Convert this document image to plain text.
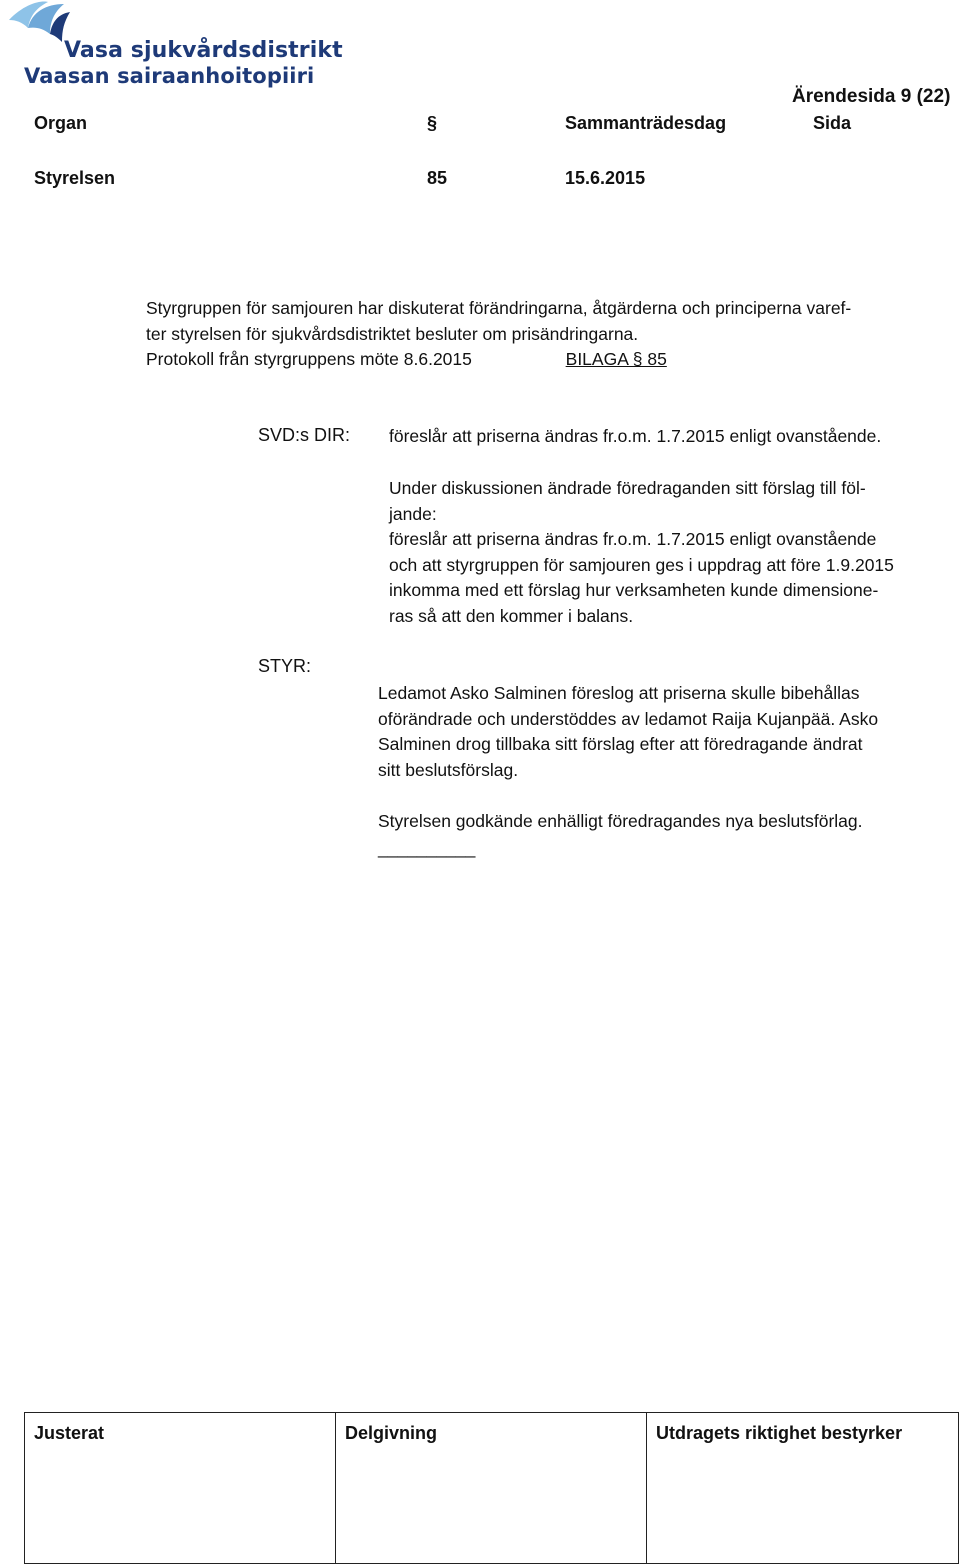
Vasa sjukvårdsdistrikt
Vaasan sairaanhoitopiiri
Ärendesida 9 (22)
Organ	§	Sammanträdesdag	Sida
Styrelsen	85	15.6.2015
Styrgruppen för samjouren har diskuterat förändringarna, åtgärderna och principerna varef-
ter styrelsen för sjukvårdsdistriktet besluter om prisändringarna.
Protokoll från styrgruppens möte 8.6.2015	BILAGA § 85
SVD:s DIR: föreslår att priserna ändras fr.o.m. 1.7.2015 enligt ovanstående.
Under diskussionen ändrade föredraganden sitt förslag till föl-
jande:
föreslår att priserna ändras fr.o.m. 1.7.2015 enligt ovanstående
och att styrgruppen för samjouren ges i uppdrag att före 1.9.2015
inkomma med ett förslag hur verksamheten kunde dimensione-
ras så att den kommer i balans.
STYR:
Ledamot Asko Salminen föreslog att priserna skulle bibehållas
oförändrade och understöddes av ledamot Raija Kujanpää. Asko
Salminen drog tillbaka sitt förslag efter att föredragande ändrat
sitt beslutsförslag.
Styrelsen godkände enhälligt föredragandes nya beslutsförlag.
__________
Justerat	Delgivning	Utdragets riktighet bestyrker
